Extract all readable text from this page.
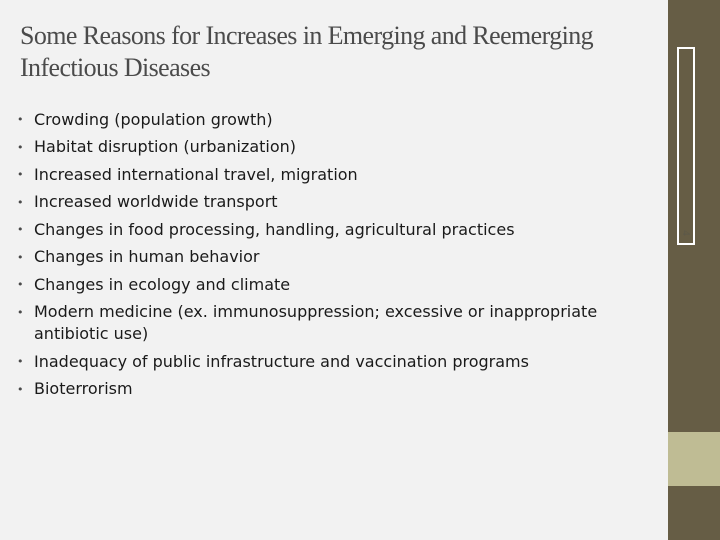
4
Some Reasons for Increases in Emerging and Reemerging Infectious Diseases
• Crowding (population growth)
• Habitat disruption (urbanization)
• Increased international travel, migration
• Increased worldwide transport
• Changes in food processing, handling, agricultural practices
• Changes in human behavior
• Changes in ecology and climate
• Modern medicine (ex. immunosuppression; excessive or inappropriate antibiotic use)
• Inadequacy of public infrastructure and vaccination programs
• Bioterrorism
